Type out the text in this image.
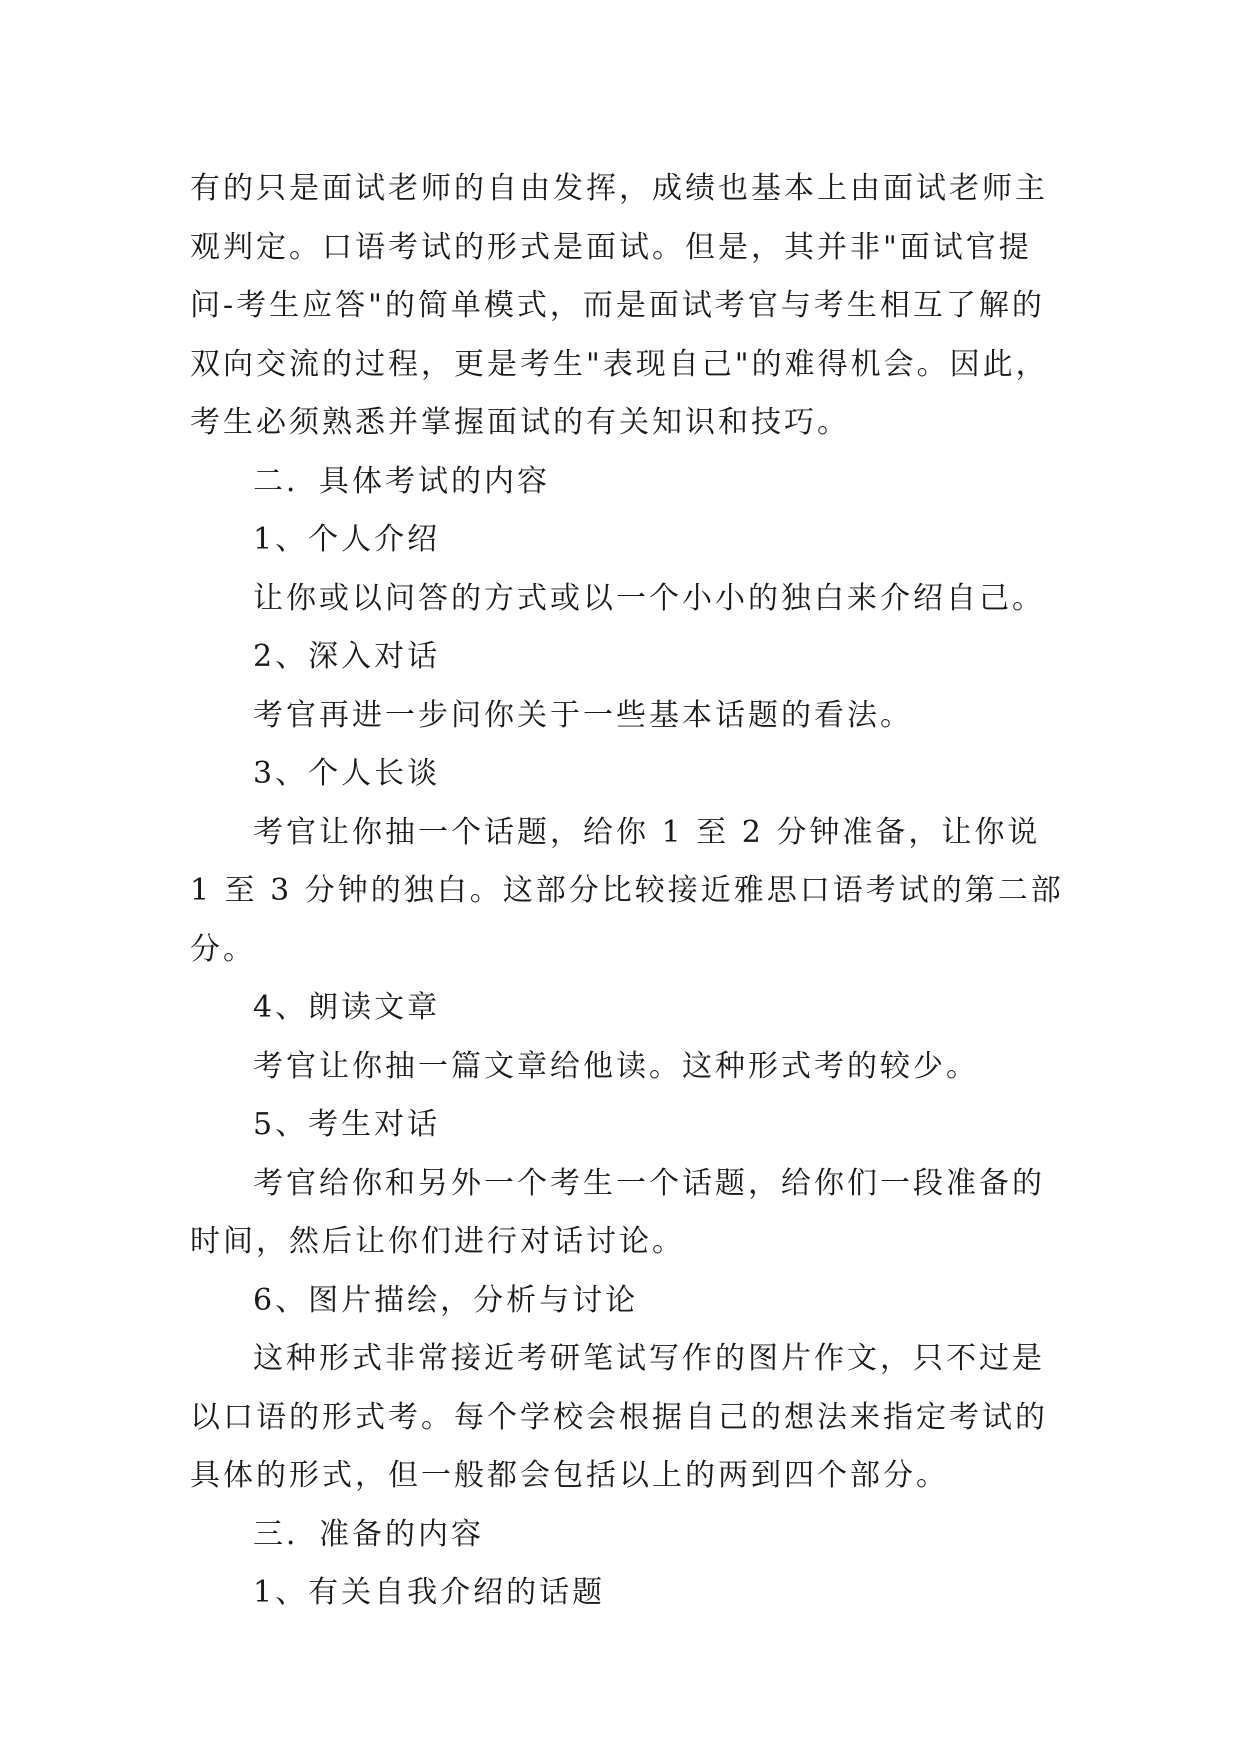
有的只是面试老师的自由发挥，成绩也基本上由面试老师主观判定。口语考试的形式是面试。但是，其并非"面试官提问-考生应答"的简单模式，而是面试考官与考生相互了解的双向交流的过程，更是考生"表现自己"的难得机会。因此，考生必须熟悉并掌握面试的有关知识和技巧。

二．具体考试的内容

1、个人介绍

让你或以问答的方式或以一个小小的独白来介绍自己。

2、深入对话

考官再进一步问你关于一些基本话题的看法。

3、个人长谈

考官让你抽一个话题，给你 1 至 2 分钟准备，让你说 1 至 3 分钟的独白。这部分比较接近雅思口语考试的第二部分。

4、朗读文章

考官让你抽一篇文章给他读。这种形式考的较少。

5、考生对话

考官给你和另外一个考生一个话题，给你们一段准备的时间，然后让你们进行对话讨论。

6、图片描绘，分析与讨论

这种形式非常接近考研笔试写作的图片作文，只不过是以口语的形式考。每个学校会根据自己的想法来指定考试的具体的形式，但一般都会包括以上的两到四个部分。

三．准备的内容

1、有关自我介绍的话题
